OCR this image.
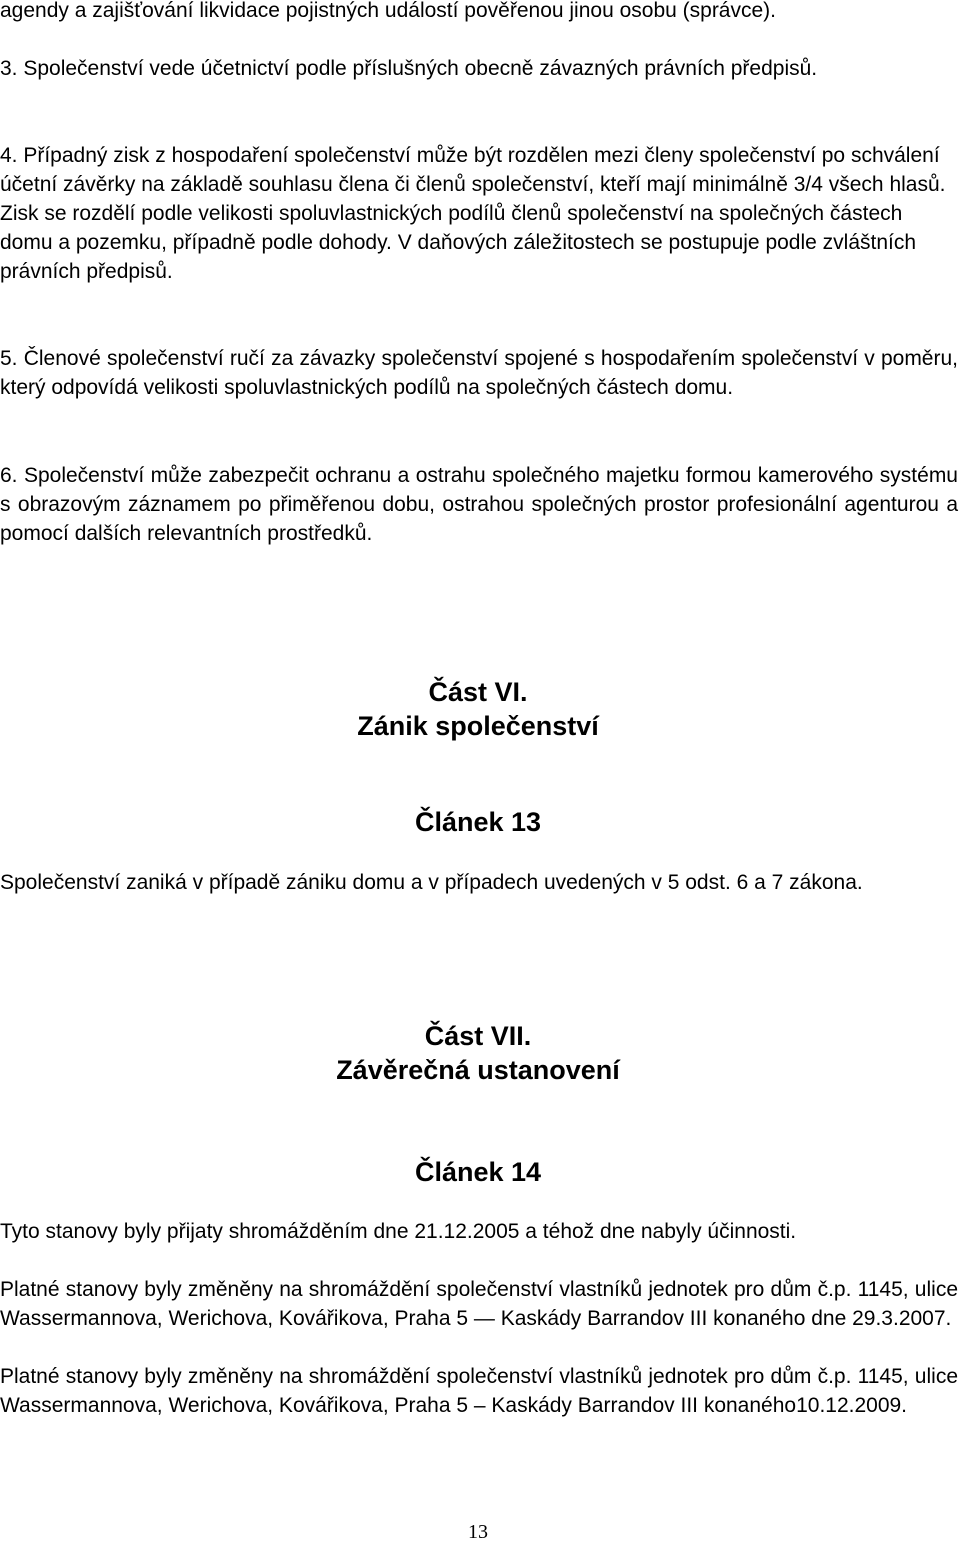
agendy a zajišťování likvidace pojistných událostí pověřenou jinou osobu (správce).

3. Společenství vede účetnictví podle příslušných obecně závazných právních předpisů.

4. Případný zisk z hospodaření společenství může být rozdělen mezi členy společenství po schválení účetní závěrky na základě souhlasu člena či členů společenství, kteří mají minimálně 3/4 všech hlasů. Zisk se rozdělí podle velikosti spoluvlastnických podílů členů společenství na společných částech domu a pozemku, případně podle dohody. V daňových záležitostech se postupuje podle zvláštních právních předpisů.

5. Členové společenství ručí za závazky společenství spojené s hospodařením společenství v poměru, který odpovídá velikosti spoluvlastnických podílů na společných částech domu.

6. Společenství může zabezpečit ochranu a ostrahu společného majetku formou kamerového systému s obrazovým záznamem po přiměřenou dobu, ostrahou společných prostor profesionální agenturou a pomocí dalších relevantních prostředků.

Část VI.
Zánik společenství
Článek 13

Společenství zaniká v případě zániku domu a v případech uvedených v 5 odst. 6 a 7 zákona.

Část VII.
Závěrečná ustanovení
Článek 14

Tyto stanovy byly přijaty shromážděním dne 21.12.2005 a téhož dne nabyly účinnosti.

Platné stanovy byly změněny na shromáždění společenství vlastníků jednotek pro dům č.p. 1145, ulice Wassermannova, Werichova, Kovářikova, Praha 5 — Kaskády Barrandov III konaného dne 29.3.2007.

Platné stanovy byly změněny na shromáždění společenství vlastníků jednotek pro dům č.p. 1145, ulice Wassermannova, Werichova, Kovářikova, Praha 5 – Kaskády Barrandov III konaného10.12.2009.

13
